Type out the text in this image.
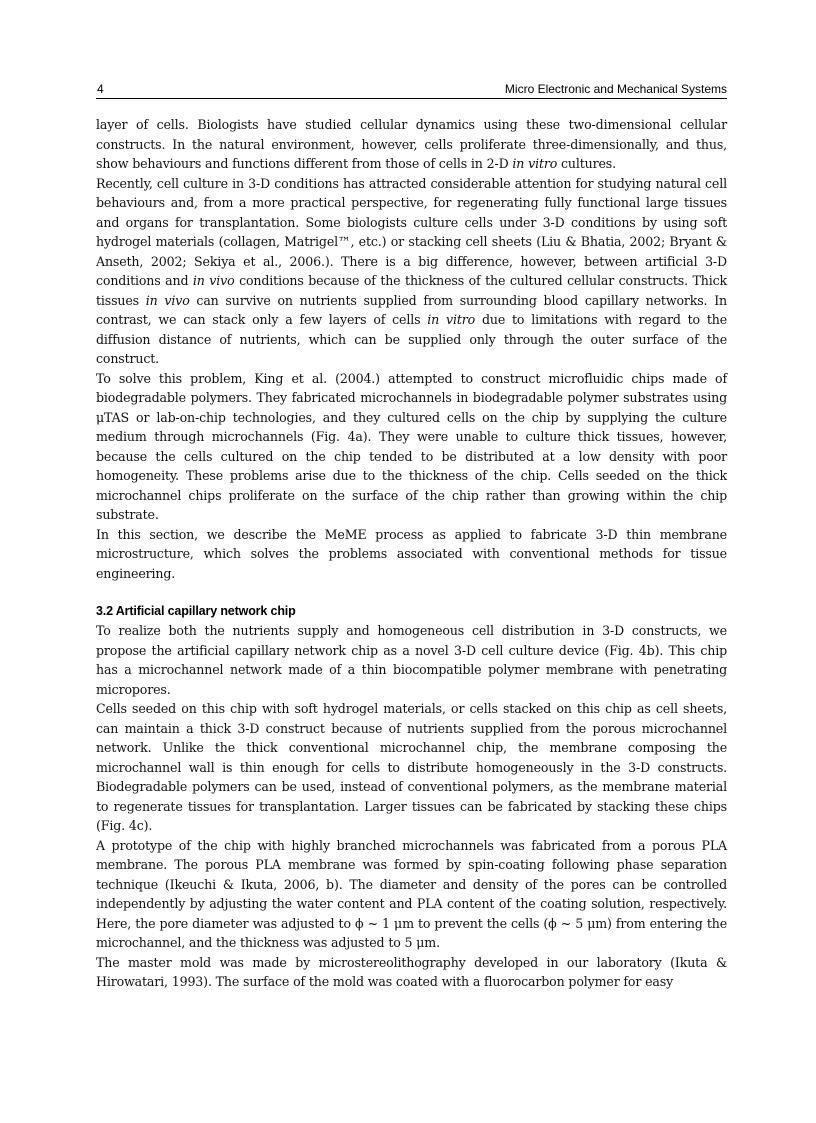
4	Micro Electronic and Mechanical Systems

layer of cells. Biologists have studied cellular dynamics using these two-dimensional cellular constructs. In the natural environment, however, cells proliferate three-dimensionally, and thus, show behaviours and functions different from those of cells in 2-D in vitro cultures.

Recently, cell culture in 3-D conditions has attracted considerable attention for studying natural cell behaviours and, from a more practical perspective, for regenerating fully functional large tissues and organs for transplantation. Some biologists culture cells under 3-D conditions by using soft hydrogel materials (collagen, Matrigel™, etc.) or stacking cell sheets (Liu & Bhatia, 2002; Bryant & Anseth, 2002; Sekiya et al., 2006.). There is a big difference, however, between artificial 3-D conditions and in vivo conditions because of the thickness of the cultured cellular constructs. Thick tissues in vivo can survive on nutrients supplied from surrounding blood capillary networks. In contrast, we can stack only a few layers of cells in vitro due to limitations with regard to the diffusion distance of nutrients, which can be supplied only through the outer surface of the construct.

To solve this problem, King et al. (2004.) attempted to construct microfluidic chips made of biodegradable polymers. They fabricated microchannels in biodegradable polymer substrates using μTAS or lab-on-chip technologies, and they cultured cells on the chip by supplying the culture medium through microchannels (Fig. 4a). They were unable to culture thick tissues, however, because the cells cultured on the chip tended to be distributed at a low density with poor homogeneity. These problems arise due to the thickness of the chip. Cells seeded on the thick microchannel chips proliferate on the surface of the chip rather than growing within the chip substrate.

In this section, we describe the MeME process as applied to fabricate 3-D thin membrane microstructure, which solves the problems associated with conventional methods for tissue engineering.

3.2 Artificial capillary network chip

To realize both the nutrients supply and homogeneous cell distribution in 3-D constructs, we propose the artificial capillary network chip as a novel 3-D cell culture device (Fig. 4b). This chip has a microchannel network made of a thin biocompatible polymer membrane with penetrating micropores.

Cells seeded on this chip with soft hydrogel materials, or cells stacked on this chip as cell sheets, can maintain a thick 3-D construct because of nutrients supplied from the porous microchannel network. Unlike the thick conventional microchannel chip, the membrane composing the microchannel wall is thin enough for cells to distribute homogeneously in the 3-D constructs. Biodegradable polymers can be used, instead of conventional polymers, as the membrane material to regenerate tissues for transplantation. Larger tissues can be fabricated by stacking these chips (Fig. 4c).

A prototype of the chip with highly branched microchannels was fabricated from a porous PLA membrane. The porous PLA membrane was formed by spin-coating following phase separation technique (Ikeuchi & Ikuta, 2006, b). The diameter and density of the pores can be controlled independently by adjusting the water content and PLA content of the coating solution, respectively. Here, the pore diameter was adjusted to ϕ ~ 1 μm to prevent the cells (ϕ ~ 5 μm) from entering the microchannel, and the thickness was adjusted to 5 μm.

The master mold was made by microstereolithography developed in our laboratory (Ikuta & Hirowatari, 1993). The surface of the mold was coated with a fluorocarbon polymer for easy
